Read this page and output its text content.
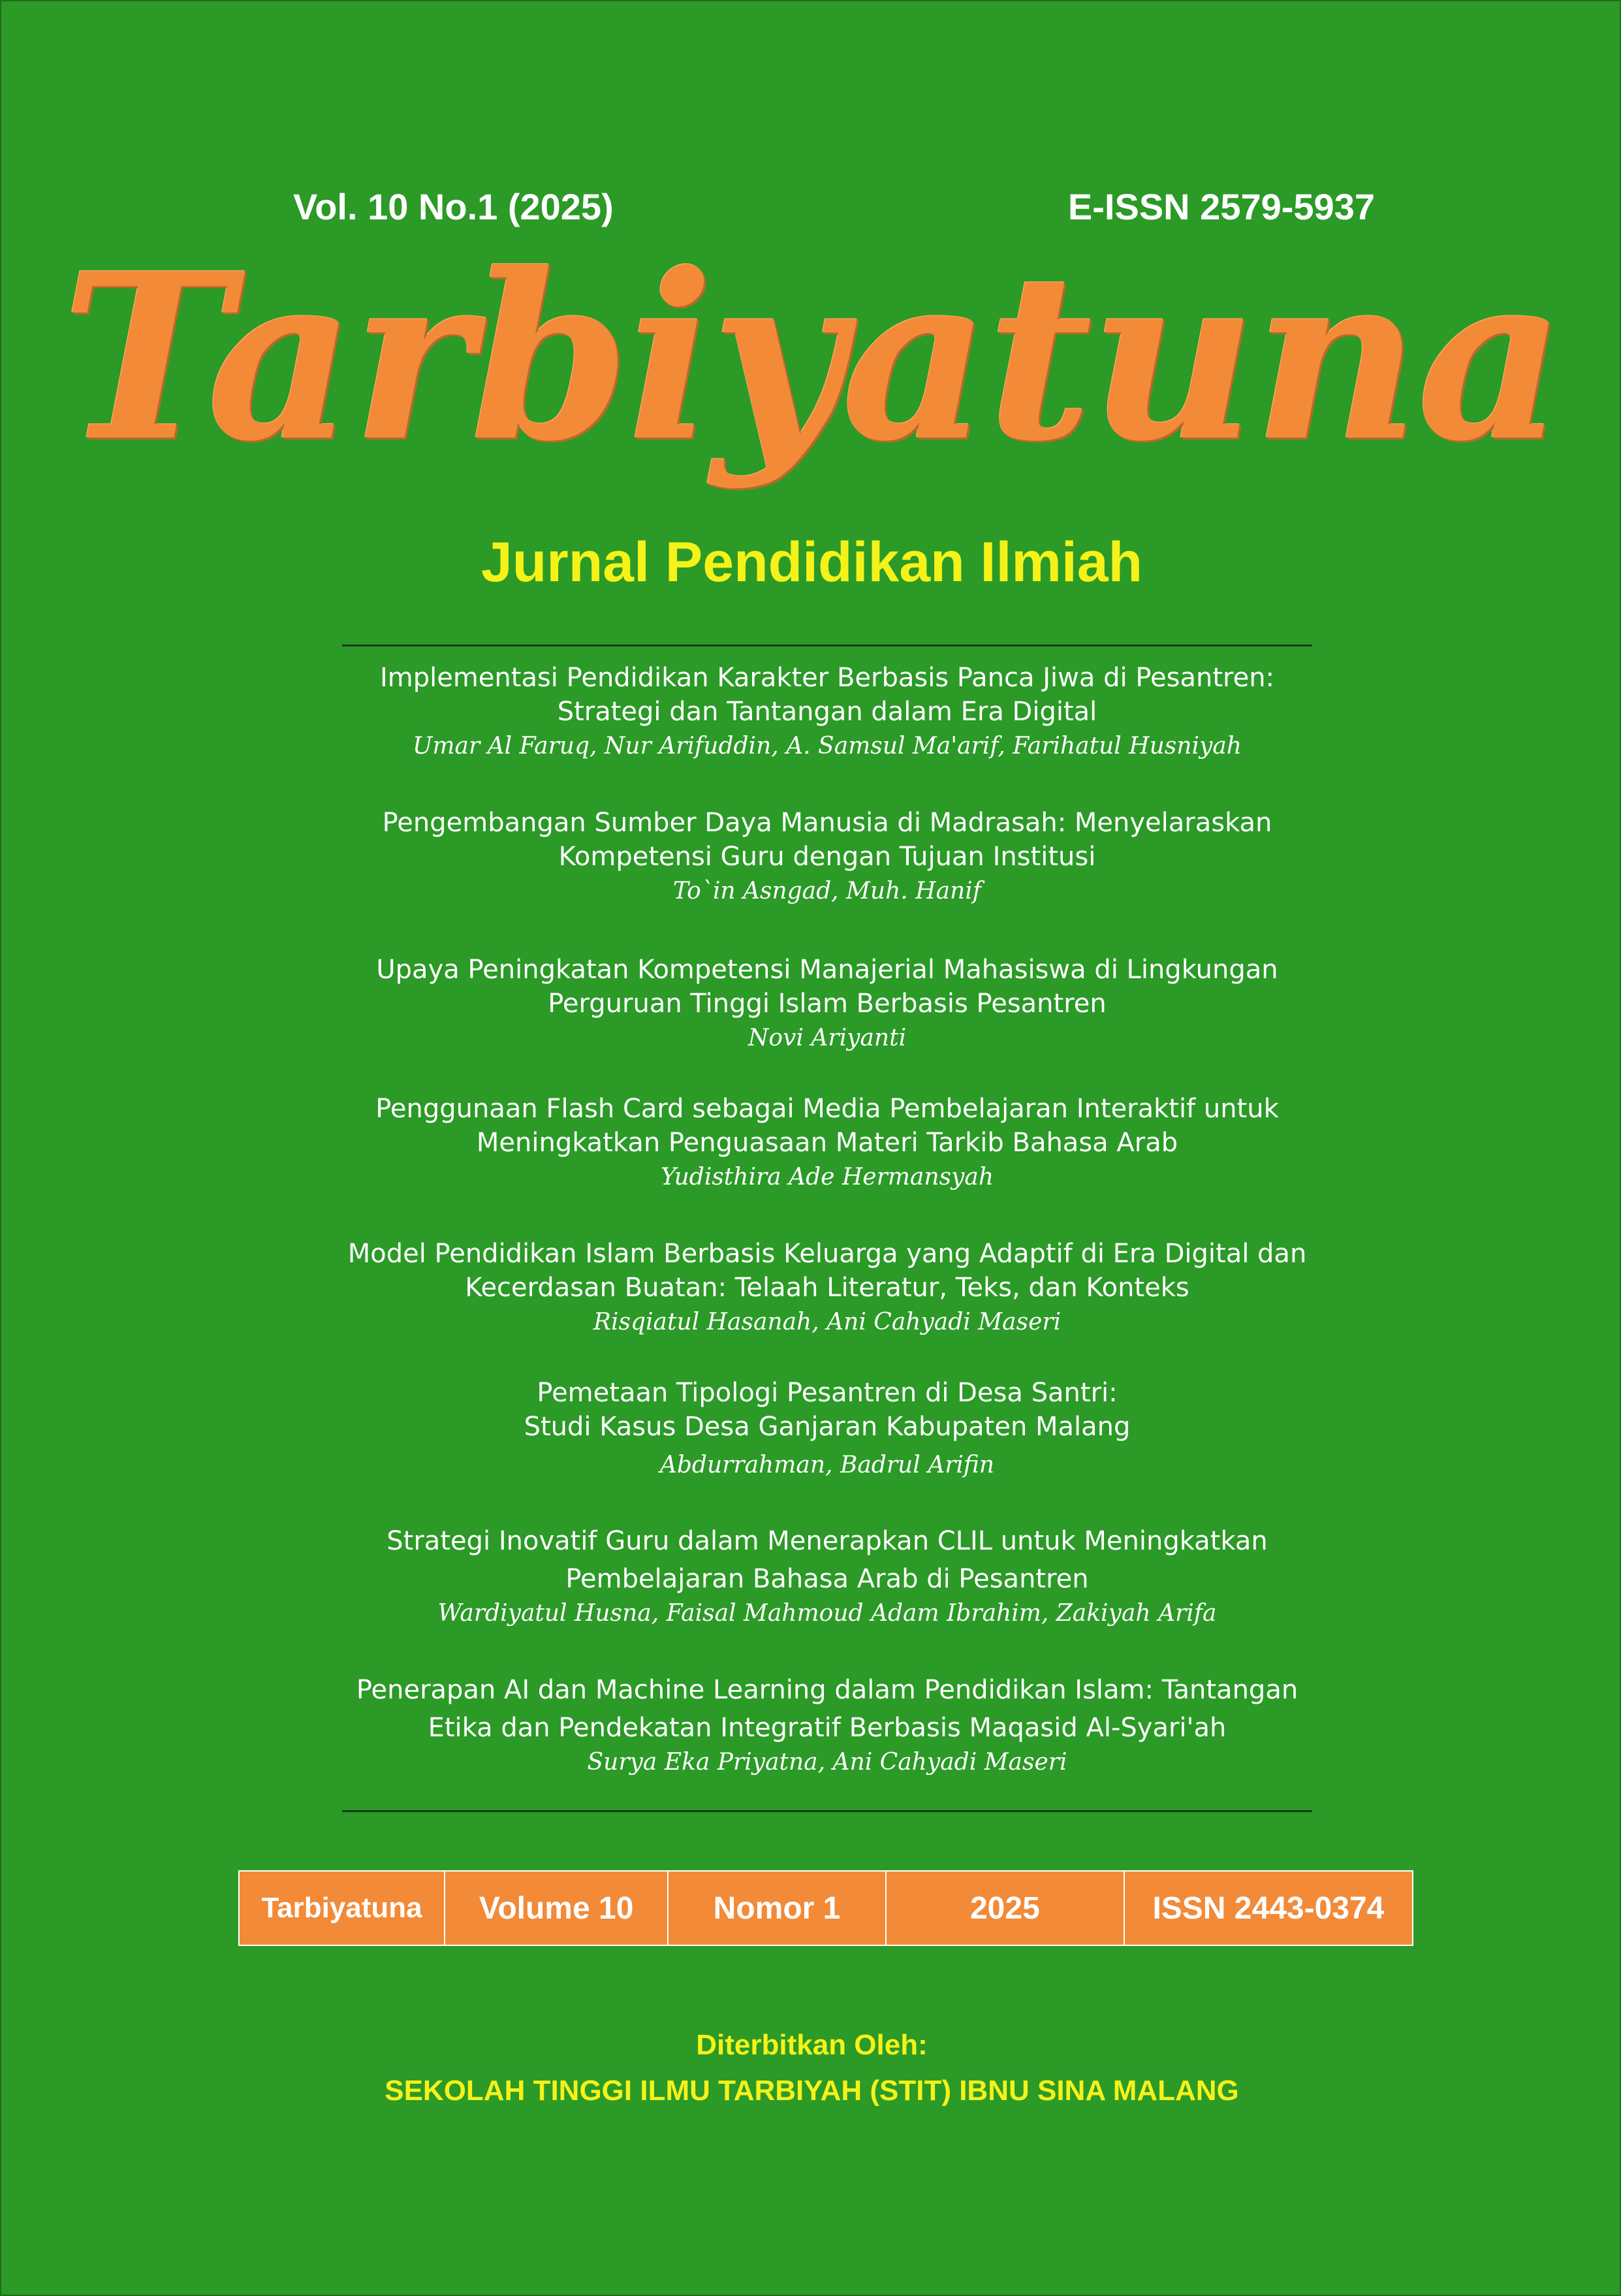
Vol. 10 No.1 (2025)	E-ISSN 2579-5937
Tarbiyatuna
Jurnal Pendidikan Ilmiah
Implementasi Pendidikan Karakter Berbasis Panca Jiwa di Pesantren:
Strategi dan Tantangan dalam Era Digital
Umar Al Faruq, Nur Arifuddin, A. Samsul Ma'arif, Farihatul Husniyah
Pengembangan Sumber Daya Manusia di Madrasah: Menyelaraskan
Kompetensi Guru dengan Tujuan Institusi
To`in Asngad, Muh. Hanif
Upaya Peningkatan Kompetensi Manajerial Mahasiswa di Lingkungan
Perguruan Tinggi Islam Berbasis Pesantren
Novi Ariyanti
Penggunaan Flash Card sebagai Media Pembelajaran Interaktif untuk
Meningkatkan Penguasaan Materi Tarkib Bahasa Arab
Yudisthira Ade Hermansyah
Model Pendidikan Islam Berbasis Keluarga yang Adaptif di Era Digital dan
Kecerdasan Buatan: Telaah Literatur, Teks, dan Konteks
Risqiatul Hasanah, Ani Cahyadi Maseri
Pemetaan Tipologi Pesantren di Desa Santri:
Studi Kasus Desa Ganjaran Kabupaten Malang
Abdurrahman, Badrul Arifin
Strategi Inovatif Guru dalam Menerapkan CLIL untuk Meningkatkan
Pembelajaran Bahasa Arab di Pesantren
Wardiyatul Husna, Faisal Mahmoud Adam Ibrahim, Zakiyah Arifa
Penerapan AI dan Machine Learning dalam Pendidikan Islam: Tantangan
Etika dan Pendekatan Integratif Berbasis Maqasid Al-Syari'ah
Surya Eka Priyatna, Ani Cahyadi Maseri
Tarbiyatuna	Volume 10	Nomor 1	2025	ISSN 2443-0374
Diterbitkan Oleh:
SEKOLAH TINGGI ILMU TARBIYAH (STIT) IBNU SINA MALANG
